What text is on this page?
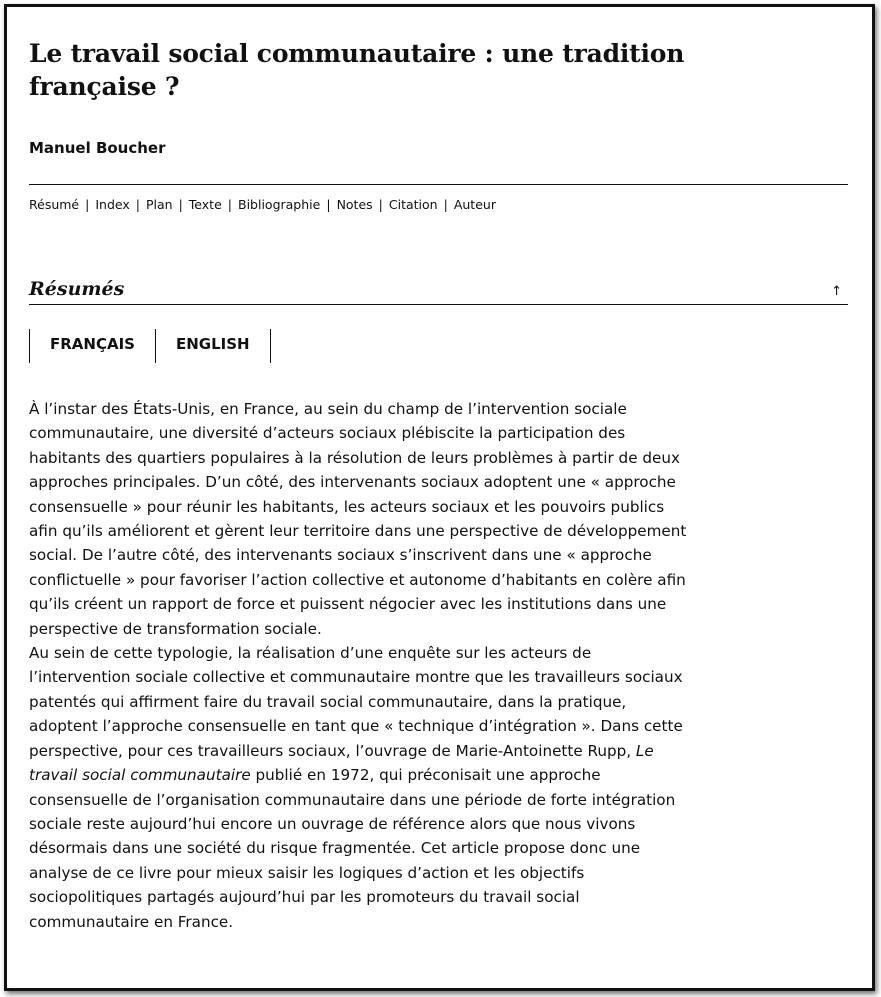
Le travail social communautaire : une tradition française ?
Manuel Boucher
Résumé | Index | Plan | Texte | Bibliographie | Notes | Citation | Auteur
Résumés	↑
FRANÇAIS	ENGLISH

À l’instar des États-Unis, en France, au sein du champ de l’intervention sociale communautaire, une diversité d’acteurs sociaux plébiscite la participation des habitants des quartiers populaires à la résolution de leurs problèmes à partir de deux approches principales. D’un côté, des intervenants sociaux adoptent une « approche consensuelle » pour réunir les habitants, les acteurs sociaux et les pouvoirs publics afin qu’ils améliorent et gèrent leur territoire dans une perspective de développement social. De l’autre côté, des intervenants sociaux s’inscrivent dans une « approche conflictuelle » pour favoriser l’action collective et autonome d’habitants en colère afin qu’ils créent un rapport de force et puissent négocier avec les institutions dans une perspective de transformation sociale.

Au sein de cette typologie, la réalisation d’une enquête sur les acteurs de l’intervention sociale collective et communautaire montre que les travailleurs sociaux patentés qui affirment faire du travail social communautaire, dans la pratique, adoptent l’approche consensuelle en tant que « technique d’intégration ». Dans cette perspective, pour ces travailleurs sociaux, l’ouvrage de Marie-Antoinette Rupp, Le travail social communautaire publié en 1972, qui préconisait une approche consensuelle de l’organisation communautaire dans une période de forte intégration sociale reste aujourd’hui encore un ouvrage de référence alors que nous vivons désormais dans une société du risque fragmentée. Cet article propose donc une analyse de ce livre pour mieux saisir les logiques d’action et les objectifs sociopolitiques partagés aujourd’hui par les promoteurs du travail social communautaire en France.
